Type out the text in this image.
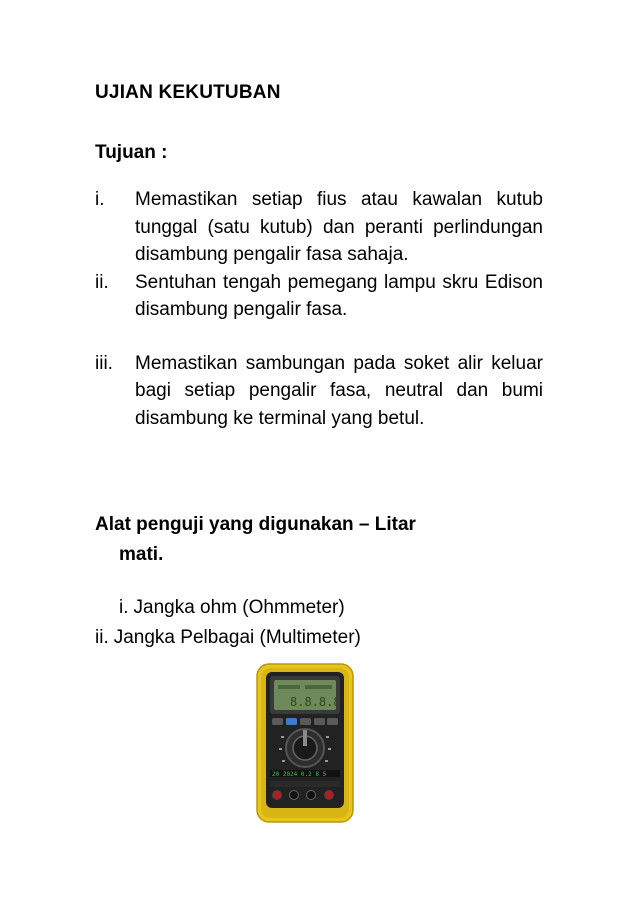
UJIAN KEKUTUBAN
Tujuan :
i. Memastikan setiap fius atau kawalan kutub tunggal (satu kutub) dan peranti perlindungan disambung pengalir fasa sahaja.
ii. Sentuhan tengah pemegang lampu skru Edison disambung pengalir fasa.
iii. Memastikan sambungan pada soket alir keluar bagi setiap pengalir fasa, neutral dan bumi disambung ke terminal yang betul.
Alat penguji yang digunakan – Litar
mati.
i. Jangka ohm (Ohmmeter)
ii. Jangka Pelbagai (Multimeter)
8.8.8.8
20 2024 0.2 8 5
